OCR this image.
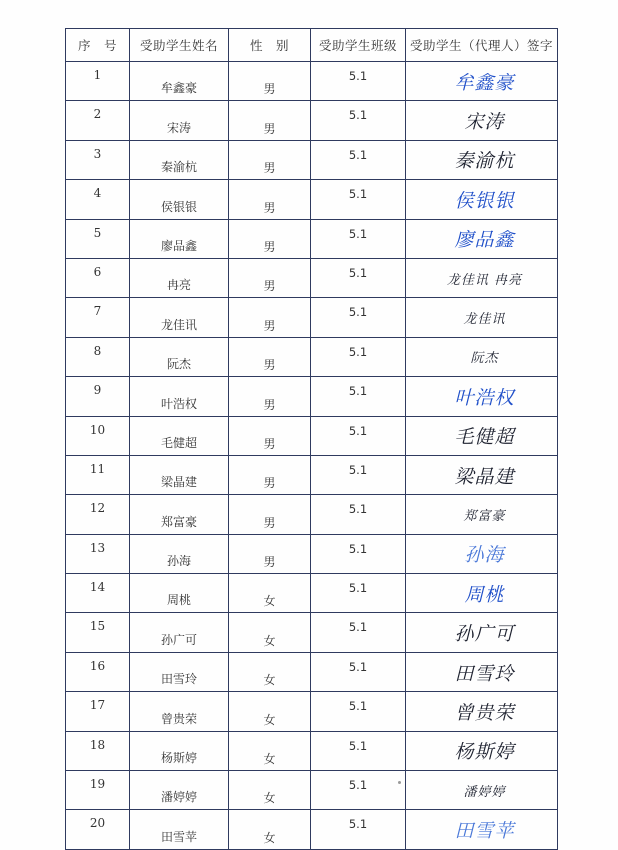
序　号	受助学生姓名	性　别	受助学生班级	受助学生（代理人）签字
1	牟鑫豪	男	5.1	牟鑫豪
2	宋涛	男	5.1	宋涛
3	秦渝杭	男	5.1	秦渝杭
4	侯银银	男	5.1	侯银银
5	廖品鑫	男	5.1	廖品鑫
6	冉亮	男	5.1	龙佳讯 冉亮
7	龙佳讯	男	5.1	龙佳讯
8	阮杰	男	5.1	阮杰
9	叶浩权	男	5.1	叶浩权
10	毛健超	男	5.1	毛健超
11	梁晶建	男	5.1	梁晶建
12	郑富豪	男	5.1	郑富豪
13	孙海	男	5.1	孙海
14	周桃	女	5.1	周桃
15	孙广可	女	5.1	孙广可
16	田雪玲	女	5.1	田雪玲
17	曾贵荣	女	5.1	曾贵荣
18	杨斯婷	女	5.1	杨斯婷
19	潘婷婷	女	5.1	潘婷婷
20	田雪苹	女	5.1	田雪苹
